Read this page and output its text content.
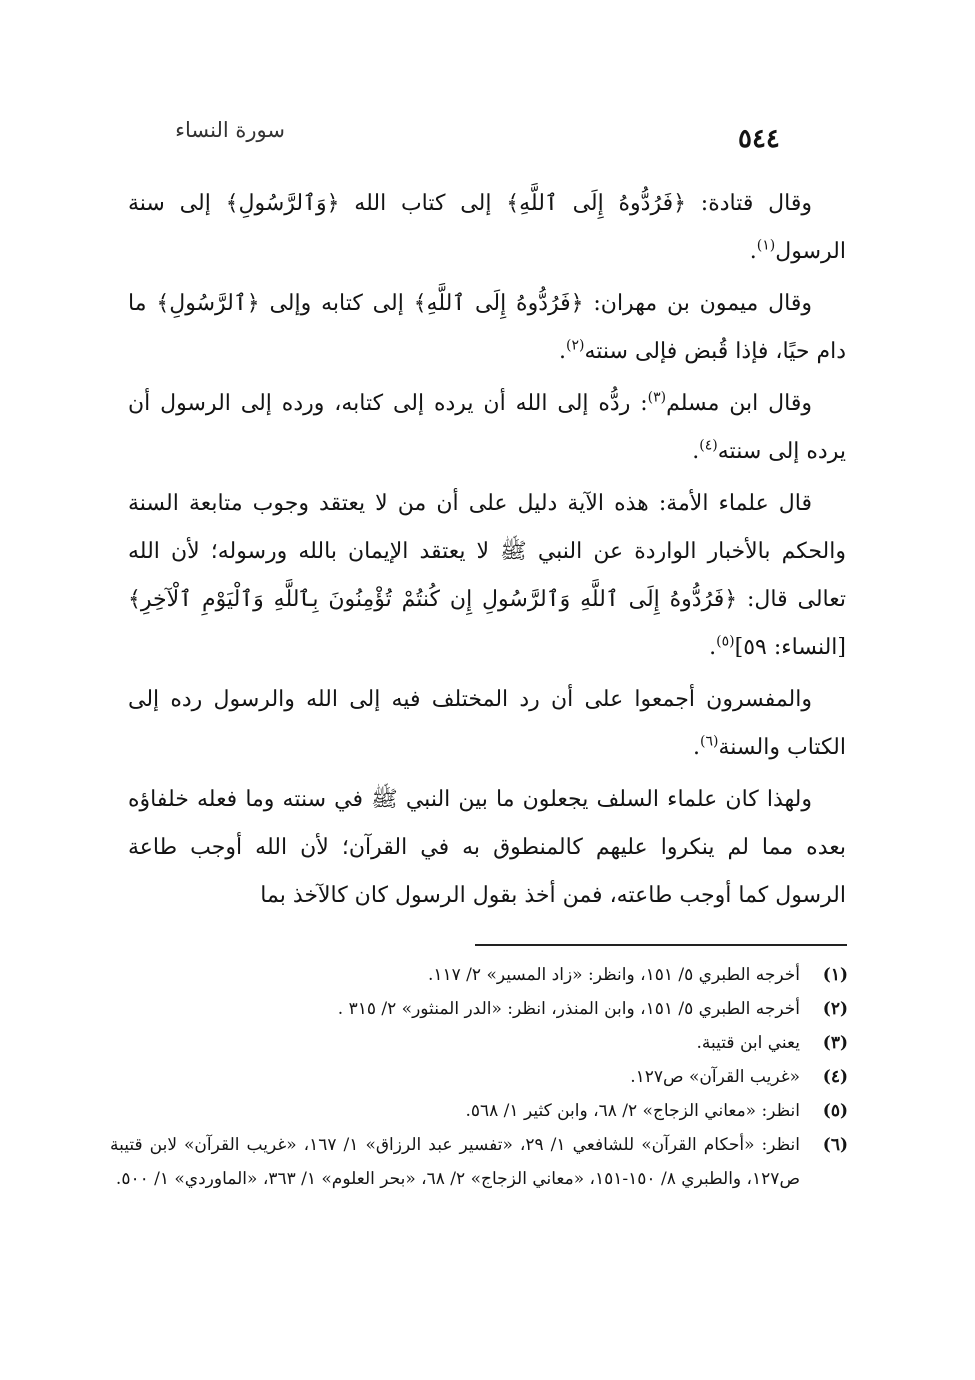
سورة النساء	٥٤٤

وقال قتادة: ﴿فَرُدُّوهُ إِلَى ٱللَّهِ﴾ إلى كتاب الله ﴿وَٱلرَّسُولِ﴾ إلى سنة الرسول$^{(١)}$.

وقال ميمون بن مهران: ﴿فَرُدُّوهُ إِلَى ٱللَّهِ﴾ إلى كتابه وإلى ﴿ٱلرَّسُولِ﴾ ما دام حيًا، فإذا قُبض فإلى سنته$^{(٢)}$.

وقال ابن مسلم$^{(٣)}$: ردُّه إلى الله أن يرده إلى كتابه، ورده إلى الرسول أن يرده إلى سنته$^{(٤)}$.

قال علماء الأمة: هذه الآية دليل على أن من لا يعتقد وجوب متابعة السنة والحكم بالأخبار الواردة عن النبي ﷺ لا يعتقد الإيمان بالله ورسوله؛ لأن الله تعالى قال: ﴿فَرُدُّوهُ إِلَى ٱللَّهِ وَٱلرَّسُولِ إِن كُنتُمْ تُؤْمِنُونَ بِٱللَّهِ وَٱلْيَوْمِ ٱلْآخِرِ﴾ [النساء: ٥٩]$^{(٥)}$.

والمفسرون أجمعوا على أن رد المختلف فيه إلى الله والرسول رده إلى الكتاب والسنة$^{(٦)}$.

ولهذا كان علماء السلف يجعلون ما بين النبي ﷺ في سنته وما فعله خلفاؤه بعده مما لم ينكروا عليهم كالمنطوق به في القرآن؛ لأن الله أوجب طاعة الرسول كما أوجب طاعته، فمن أخذ بقول الرسول كان كالآخذ بما

(١)
أخرجه الطبري ٥/ ١٥١، وانظر: «زاد المسير» ٢/ ١١٧.
(٢)
أخرجه الطبري ٥/ ١٥١، وابن المنذر، انظر: «الدر المنثور» ٢/ ٣١٥ .
(٣)
يعني ابن قتيبة.
(٤)
«غريب القرآن» ص١٢٧.
(٥)
انظر: «معاني الزجاج» ٢/ ٦٨، وابن كثير ١/ ٥٦٨.
(٦)
انظر: «أحكام القرآن» للشافعي ١/ ٢٩، «تفسير عبد الرزاق» ١/ ١٦٧، «غريب القرآن» لابن قتيبة ص١٢٧، والطبري ٨/ ١٥٠-١٥١، «معاني الزجاج» ٢/ ٦٨، «بحر العلوم» ١/ ٣٦٣، «الماوردي» ١/ ٥٠٠.
